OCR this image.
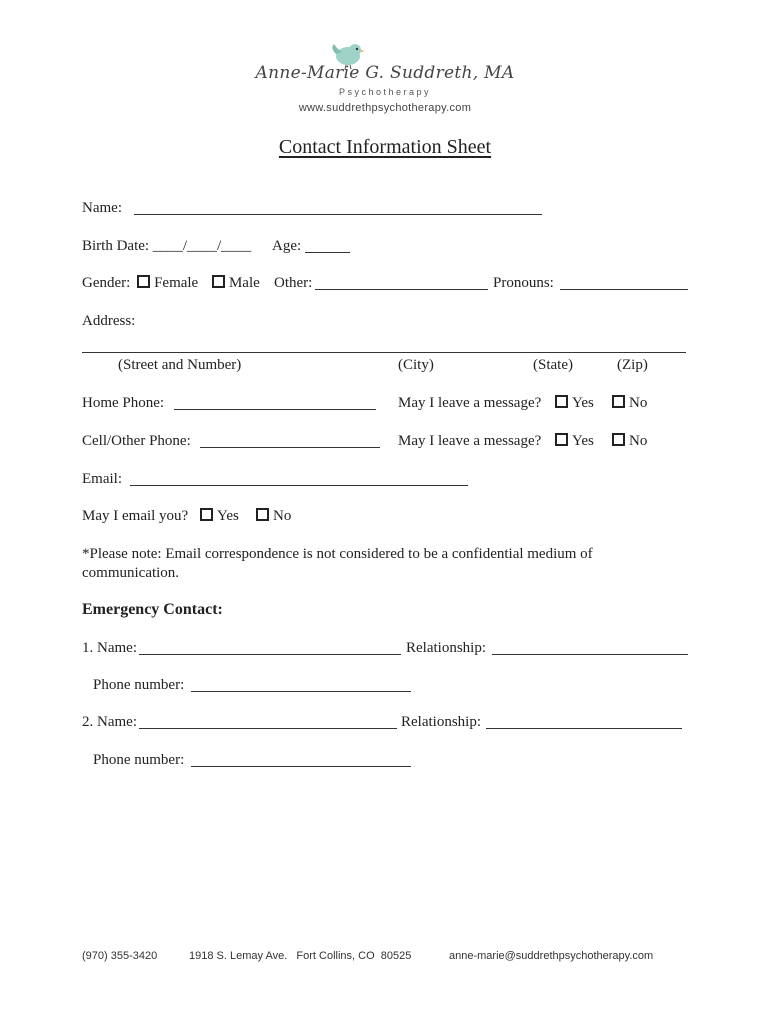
Anne-Marie G. Suddreth, MA
Psychotherapy
www.suddrethpsychotherapy.com
Contact Information Sheet
Name:
Birth Date: ____/____/____ Age:
Gender: Female Male Other:	Pronouns:
Address:
(Street and Number)	(City)	(State)	(Zip)
Home Phone:	May I leave a message?	Yes	No
Cell/Other Phone:	May I leave a message?	Yes	No
Email:
May I email you?	Yes	No
*Please note: Email correspondence is not considered to be a confidential medium of communication.
Emergency Contact:
1. Name:	Relationship:
Phone number:
2. Name:	Relationship:
Phone number:
(970) 355-3420	1918 S. Lemay Ave.   Fort Collins, CO  80525	anne-marie@suddrethpsychotherapy.com
